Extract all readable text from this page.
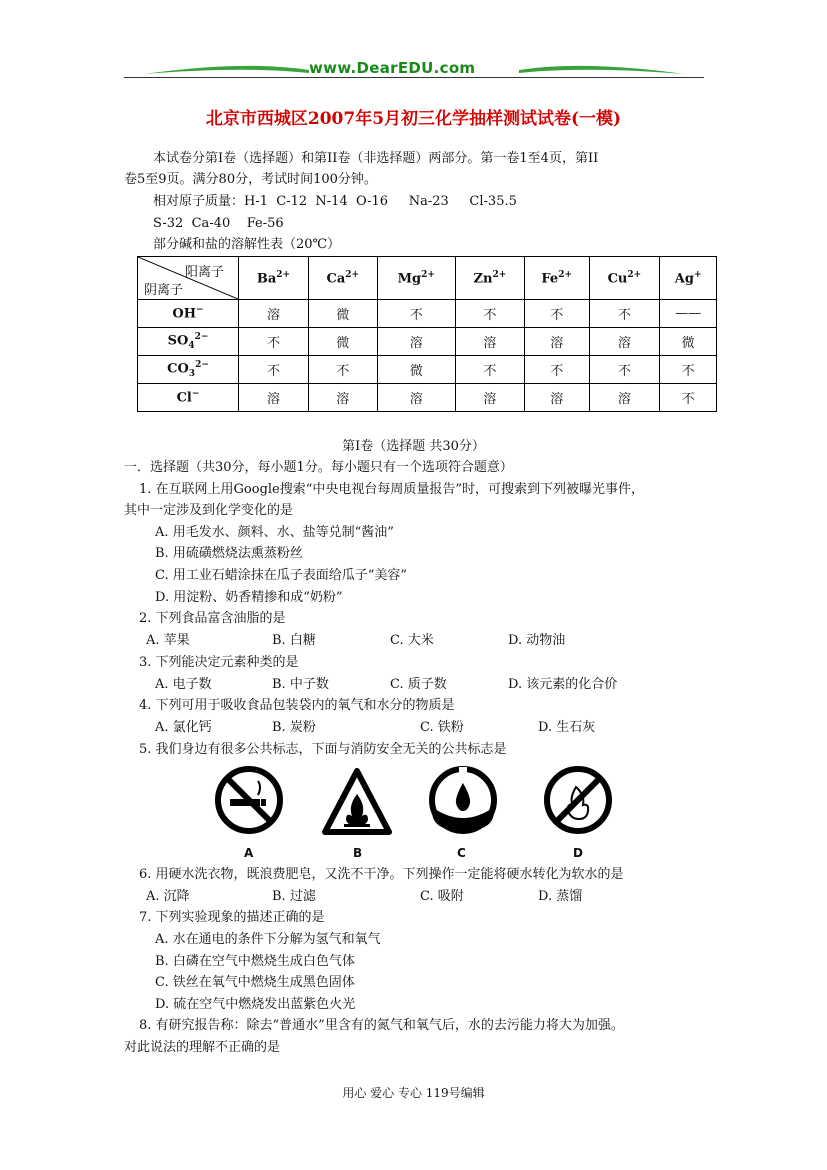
www.DearEDU.com
北京市西城区2007年5月初三化学抽样测试试卷(一模)
本试卷分第Ⅰ卷（选择题）和第II卷（非选择题）两部分。第一卷1至4页，第II
卷5至9页。满分80分，考试时间100分钟。
相对原子质量：H-1  C-12  N-14  O-16     Na-23     Cl-35.5
S-32  Ca-40    Fe-56
部分碱和盐的溶解性表（20℃）
阳离子
阴离子	$Ba^{2+}$	$Ca^{2+}$	$Mg^{2+}$	$Zn^{2+}$	$Fe^{2+}$	$Cu^{2+}$	Ag+
OH−	溶	微	不	不	不	不	——
$SO_4^{2-}$	不	微	溶	溶	溶	溶	微
$CO_3^{2-}$	不	不	微	不	不	不	不
Cl−	溶	溶	溶	溶	溶	溶	不
第Ⅰ卷（选择题 共30分）
一．选择题（共30分，每小题1分。每小题只有一个选项符合题意）
1. 在互联网上用Google搜索“中央电视台每周质量报告”时，可搜索到下列被曝光事件，
其中一定涉及到化学变化的是
A. 用毛发水、颜料、水、盐等兑制“酱油”
B. 用硫磺燃烧法熏蒸粉丝
C. 用工业石蜡涂抹在瓜子表面给瓜子“美容”
D. 用淀粉、奶香精掺和成“奶粉”
2. 下列食品富含油脂的是
A. 苹果	B. 白糖	C. 大米	D. 动物油
3. 下列能决定元素种类的是
A. 电子数	B. 中子数	C. 质子数	D. 该元素的化合价
4. 下列可用于吸收食品包装袋内的氧气和水分的物质是
A. 氯化钙	B. 炭粉	C. 铁粉	D. 生石灰
5. 我们身边有很多公共标志，下面与消防安全无关的公共标志是
A	B	C	D
6. 用硬水洗衣物，既浪费肥皂，又洗不干净。下列操作一定能将硬水转化为软水的是
A. 沉降	B. 过滤	C. 吸附	D. 蒸馏
7. 下列实验现象的描述正确的是
A. 水在通电的条件下分解为氢气和氧气
B. 白磷在空气中燃烧生成白色气体
C. 铁丝在氧气中燃烧生成黑色固体
D. 硫在空气中燃烧发出蓝紫色火光
8. 有研究报告称：除去“普通水”里含有的氮气和氧气后，水的去污能力将大为加强。
对此说法的理解不正确的是
用心 爱心 专心 119号编辑
